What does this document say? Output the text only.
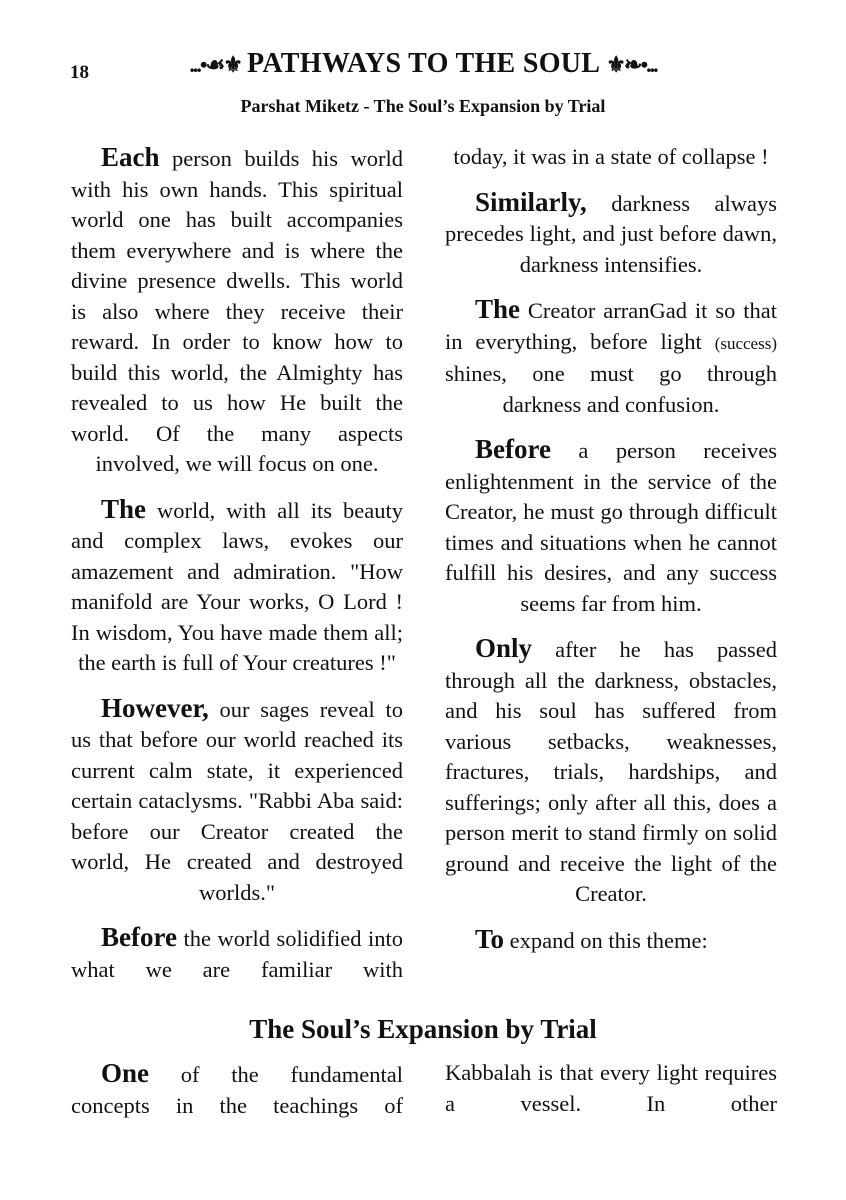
18	...•☙⚜ PATHWAYS TO THE SOUL ⚜❧•...
Parshat Miketz - The Soul’s Expansion by Trial

Each person builds his world with his own hands. This spiritual world one has built accompanies them everywhere and is where the divine presence dwells. This world is also where they receive their reward. In order to know how to build this world, the Almighty has revealed to us how He built the world. Of the many aspects involved, we will focus on one.

The world, with all its beauty and complex laws, evokes our amazement and admiration. "How manifold are Your works, O Lord ! In wisdom, You have made them all; the earth is full of Your creatures !"

However, our sages reveal to us that before our world reached its current calm state, it experienced certain cataclysms. "Rabbi Aba said: before our Creator created the world, He created and destroyed worlds."

Before the world solidified into what we are familiar with

today, it was in a state of collapse !

Similarly, darkness always precedes light, and just before dawn, darkness intensifies.

The Creator arranGad it so that in everything, before light (success) shines, one must go through darkness and confusion.

Before a person receives enlightenment in the service of the Creator, he must go through difficult times and situations when he cannot fulfill his desires, and any success seems far from him.

Only after he has passed through all the darkness, obstacles, and his soul has suffered from various setbacks, weaknesses, fractures, trials, hardships, and sufferings; only after all this, does a person merit to stand firmly on solid ground and receive the light of the Creator.

To expand on this theme:

The Soul’s Expansion by Trial

One of the fundamental concepts in the teachings of

Kabbalah is that every light requires a vessel. In other
